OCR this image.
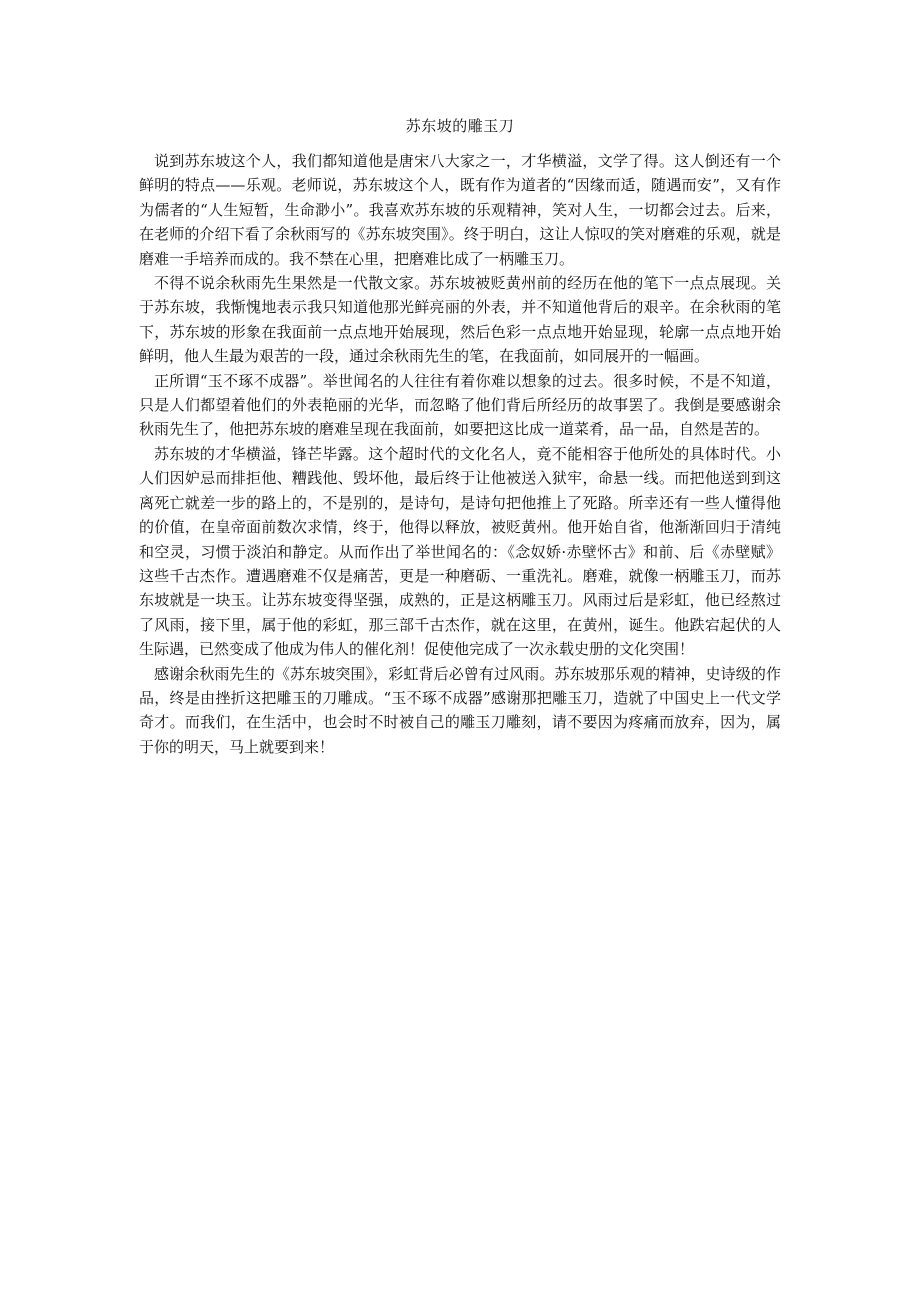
苏东坡的雕玉刀

说到苏东坡这个人，我们都知道他是唐宋八大家之一，才华横溢，文学了得。这人倒还有一个鲜明的特点——乐观。老师说，苏东坡这个人，既有作为道者的“因缘而适，随遇而安”，又有作为儒者的“人生短暂，生命渺小”。我喜欢苏东坡的乐观精神，笑对人生，一切都会过去。后来，在老师的介绍下看了余秋雨写的《苏东坡突围》。终于明白，这让人惊叹的笑对磨难的乐观，就是磨难一手培养而成的。我不禁在心里，把磨难比成了一柄雕玉刀。

不得不说余秋雨先生果然是一代散文家。苏东坡被贬黄州前的经历在他的笔下一点点展现。关于苏东坡，我惭愧地表示我只知道他那光鲜亮丽的外表，并不知道他背后的艰辛。在余秋雨的笔下，苏东坡的形象在我面前一点点地开始展现，然后色彩一点点地开始显现，轮廓一点点地开始鲜明，他人生最为艰苦的一段，通过余秋雨先生的笔，在我面前，如同展开的一幅画。

正所谓“玉不琢不成器”。举世闻名的人往往有着你难以想象的过去。很多时候，不是不知道，只是人们都望着他们的外表艳丽的光华，而忽略了他们背后所经历的故事罢了。我倒是要感谢余秋雨先生了，他把苏东坡的磨难呈现在我面前，如要把这比成一道菜肴，品一品，自然是苦的。

苏东坡的才华横溢，锋芒毕露。这个超时代的文化名人，竟不能相容于他所处的具体时代。小人们因妒忌而排拒他、糟践他、毁坏他，最后终于让他被送入狱牢，命悬一线。而把他送到到这离死亡就差一步的路上的，不是别的，是诗句，是诗句把他推上了死路。所幸还有一些人懂得他的价值，在皇帝面前数次求情，终于，他得以释放，被贬黄州。他开始自省，他渐渐回归于清纯和空灵，习惯于淡泊和静定。从而作出了举世闻名的：《念奴娇·赤壁怀古》和前、后《赤壁赋》这些千古杰作。遭遇磨难不仅是痛苦，更是一种磨砺、一重洗礼。磨难，就像一柄雕玉刀，而苏东坡就是一块玉。让苏东坡变得坚强，成熟的，正是这柄雕玉刀。风雨过后是彩虹，他已经熬过了风雨，接下里，属于他的彩虹，那三部千古杰作，就在这里，在黄州，诞生。他跌宕起伏的人生际遇，已然变成了他成为伟人的催化剂！促使他完成了一次永载史册的文化突围！

感谢余秋雨先生的《苏东坡突围》，彩虹背后必曾有过风雨。苏东坡那乐观的精神，史诗级的作品，终是由挫折这把雕玉的刀雕成。“玉不琢不成器”感谢那把雕玉刀，造就了中国史上一代文学奇才。而我们，在生活中，也会时不时被自己的雕玉刀雕刻，请不要因为疼痛而放弃，因为，属于你的明天，马上就要到来！
